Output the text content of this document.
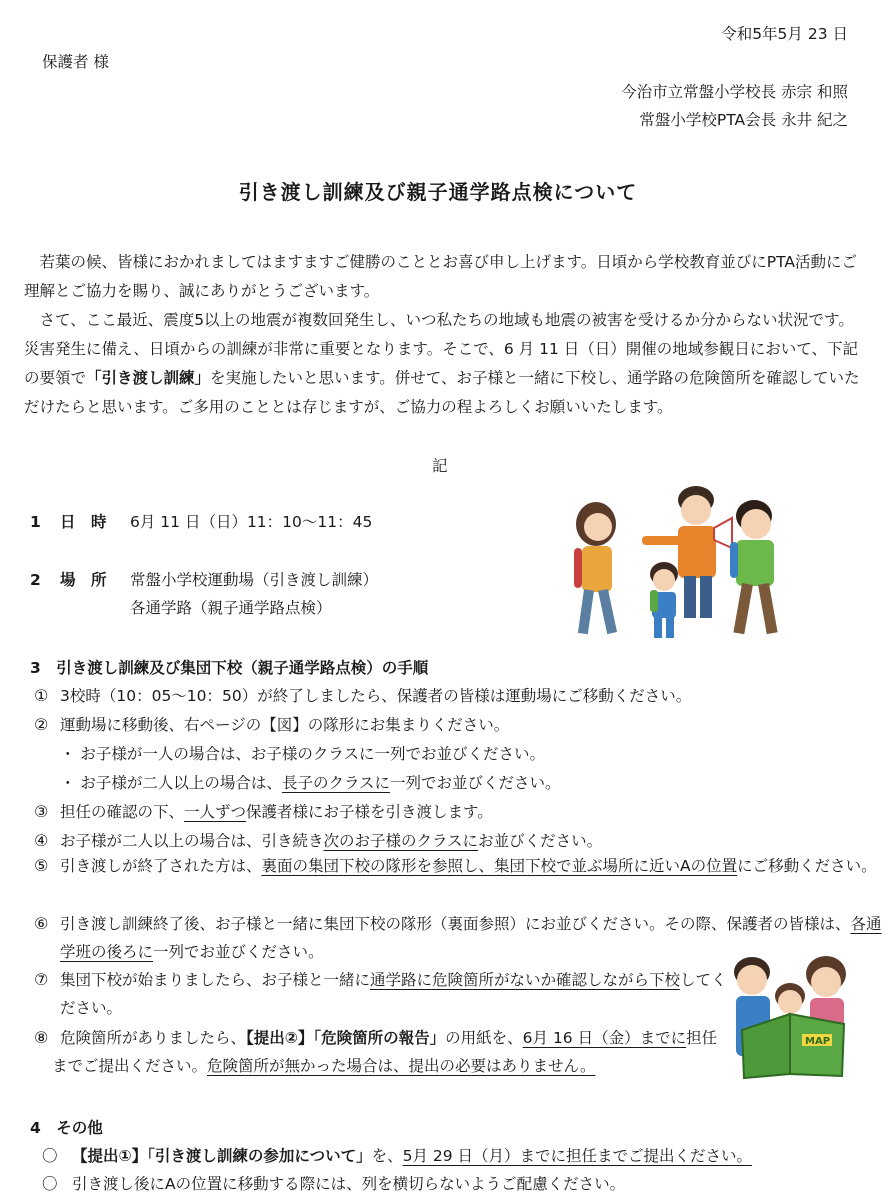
令和5年5月 23 日
保護者 様
今治市立常盤小学校長 赤宗 和照
常盤小学校PTA会長 永井 紀之
引き渡し訓練及び親子通学路点検について

若葉の候、皆様におかれましてはますますご健勝のこととお喜び申し上げます。日頃から学校教育並びにPTA活動にご理解とご協力を賜り、誠にありがとうございます。

さて、ここ最近、震度5以上の地震が複数回発生し、いつ私たちの地域も地震の被害を受けるか分からない状況です。災害発生に備え、日頃からの訓練が非常に重要となります。そこで、6 月 11 日（日）開催の地域参観日において、下記の要領で「引き渡し訓練」を実施したいと思います。併せて、お子様と一緒に下校し、通学路の危険箇所を確認していただけたらと思います。ご多用のこととは存じますが、ご協力の程よろしくお願いいたします。

記
1 日　時 6月 11 日（日）11：10～11：45
2 場　所 常盤小学校運動場（引き渡し訓練）
各通学路（親子通学路点検）
3　引き渡し訓練及び集団下校（親子通学路点検）の手順
① 3校時（10：05～10：50）が終了しましたら、保護者の皆様は運動場にご移動ください。
② 運動場に移動後、右ページの【図】の隊形にお集まりください。
・ お子様が一人の場合は、お子様のクラスに一列でお並びください。
・ お子様が二人以上の場合は、長子のクラスに一列でお並びください。
③ 担任の確認の下、一人ずつ保護者様にお子様を引き渡します。
④ お子様が二人以上の場合は、引き続き次のお子様のクラスにお並びください。
⑤ 引き渡しが終了された方は、裏面の集団下校の隊形を参照し、集団下校で並ぶ場所に近いAの位置にご移動ください。
⑥ 引き渡し訓練終了後、お子様と一緒に集団下校の隊形（裏面参照）にお並びください。その際、保護者の皆様は、各通学班の後ろに一列でお並びください。
⑦ 集団下校が始まりましたら、お子様と一緒に通学路に危険箇所がないか確認しながら下校してください。
⑧ 危険箇所がありましたら、【提出②】「危険箇所の報告」の用紙を、6月 16 日（金）までに担任までご提出ください。危険箇所が無かった場合は、提出の必要はありません。
MAP
4　その他
〇 【提出①】「引き渡し訓練の参加について」を、5月 29 日（月）までに担任までご提出ください。
〇 引き渡し後にAの位置に移動する際には、列を横切らないようご配慮ください。
